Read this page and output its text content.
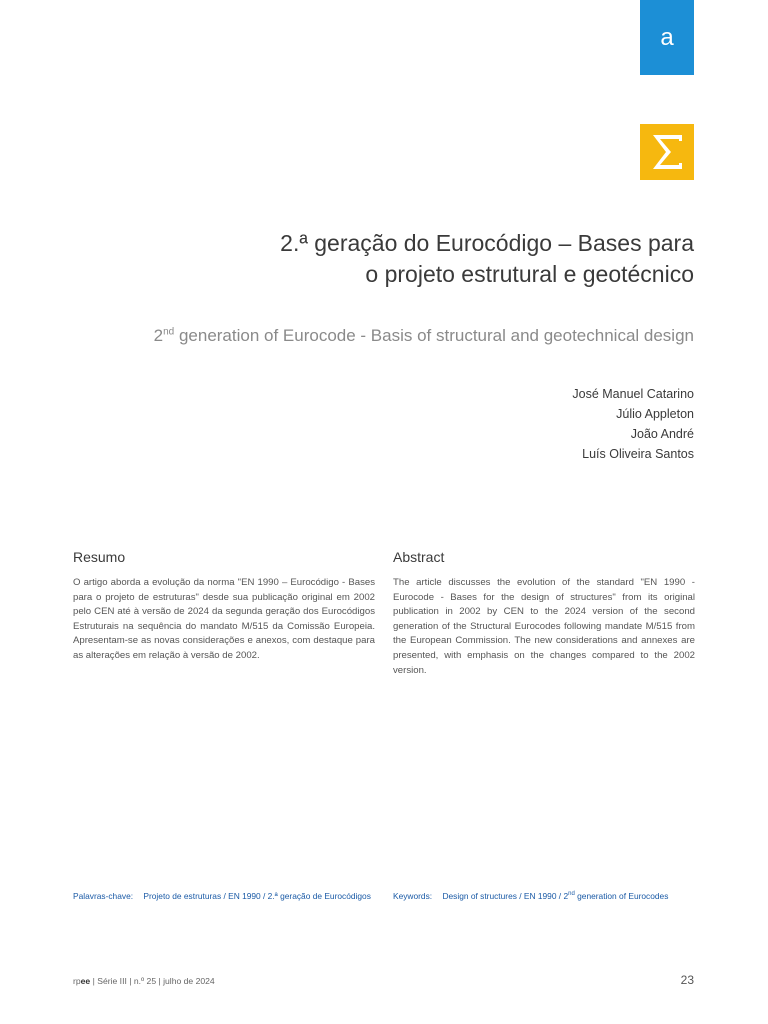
a
2.ª geração do Eurocódigo – Bases para
o projeto estrutural e geotécnico
2nd generation of Eurocode - Basis of structural and geotechnical design
José Manuel Catarino
Júlio Appleton
João André
Luís Oliveira Santos
Resumo
O artigo aborda a evolução da norma "EN 1990 – Eurocódigo - Bases para o projeto de estruturas" desde sua publicação original em 2002 pelo CEN até à versão de 2024 da segunda geração dos Eurocódigos Estruturais na sequência do mandato M/515 da Comissão Europeia. Apresentam-se as novas considerações e anexos, com destaque para as alterações em relação à versão de 2002.
Abstract
The article discusses the evolution of the standard "EN 1990 - Eurocode - Bases for the design of structures" from its original publication in 2002 by CEN to the 2024 version of the second generation of the Structural Eurocodes following mandate M/515 from the European Commission. The new considerations and annexes are presented, with emphasis on the changes compared to the 2002 version.
Palavras-chave: Projeto de estruturas / EN 1990 / 2.ª geração de Eurocódigos	Keywords: Design of structures / EN 1990 / 2nd generation of Eurocodes
rpee | Série III | n.º 25 | julho de 2024	23
